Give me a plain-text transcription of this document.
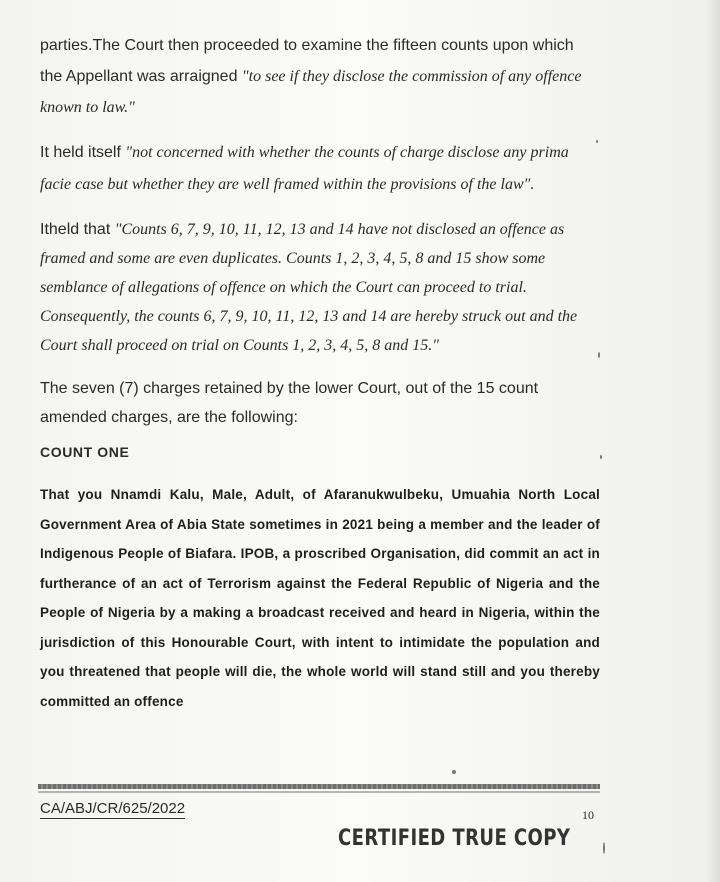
parties.The Court then proceeded to examine the fifteen counts upon which the Appellant was arraigned "to see if they disclose the commission of any offence known to law."

It held itself "not concerned with whether the counts of charge disclose any prima facie case but whether they are well framed within the provisions of the law".

Itheld that "Counts 6, 7, 9, 10, 11, 12, 13 and 14 have not disclosed an offence as framed and some are even duplicates. Counts 1, 2, 3, 4, 5, 8 and 15 show some semblance of allegations of offence on which the Court can proceed to trial. Consequently, the counts 6, 7, 9, 10, 11, 12, 13 and 14 are hereby struck out and the Court shall proceed on trial on Counts 1, 2, 3, 4, 5, 8 and 15."

The seven (7) charges retained by the lower Court, out of the 15 count amended charges, are the following:

COUNT ONE

That you Nnamdi Kalu, Male, Adult, of Afaranukwulbeku, Umuahia North Local Government Area of Abia State sometimes in 2021 being a member and the leader of Indigenous People of Biafara. IPOB, a proscribed Organisation, did commit an act in furtherance of an act of Terrorism against the Federal Republic of Nigeria and the People of Nigeria by a making a broadcast received and heard in Nigeria, within the jurisdiction of this Honourable Court, with intent to intimidate the population and you threatened that people will die, the whole world will stand still and you thereby committed an offence

CA/ABJ/CR/625/2022	10
CERTIFIED TRUE COPY
